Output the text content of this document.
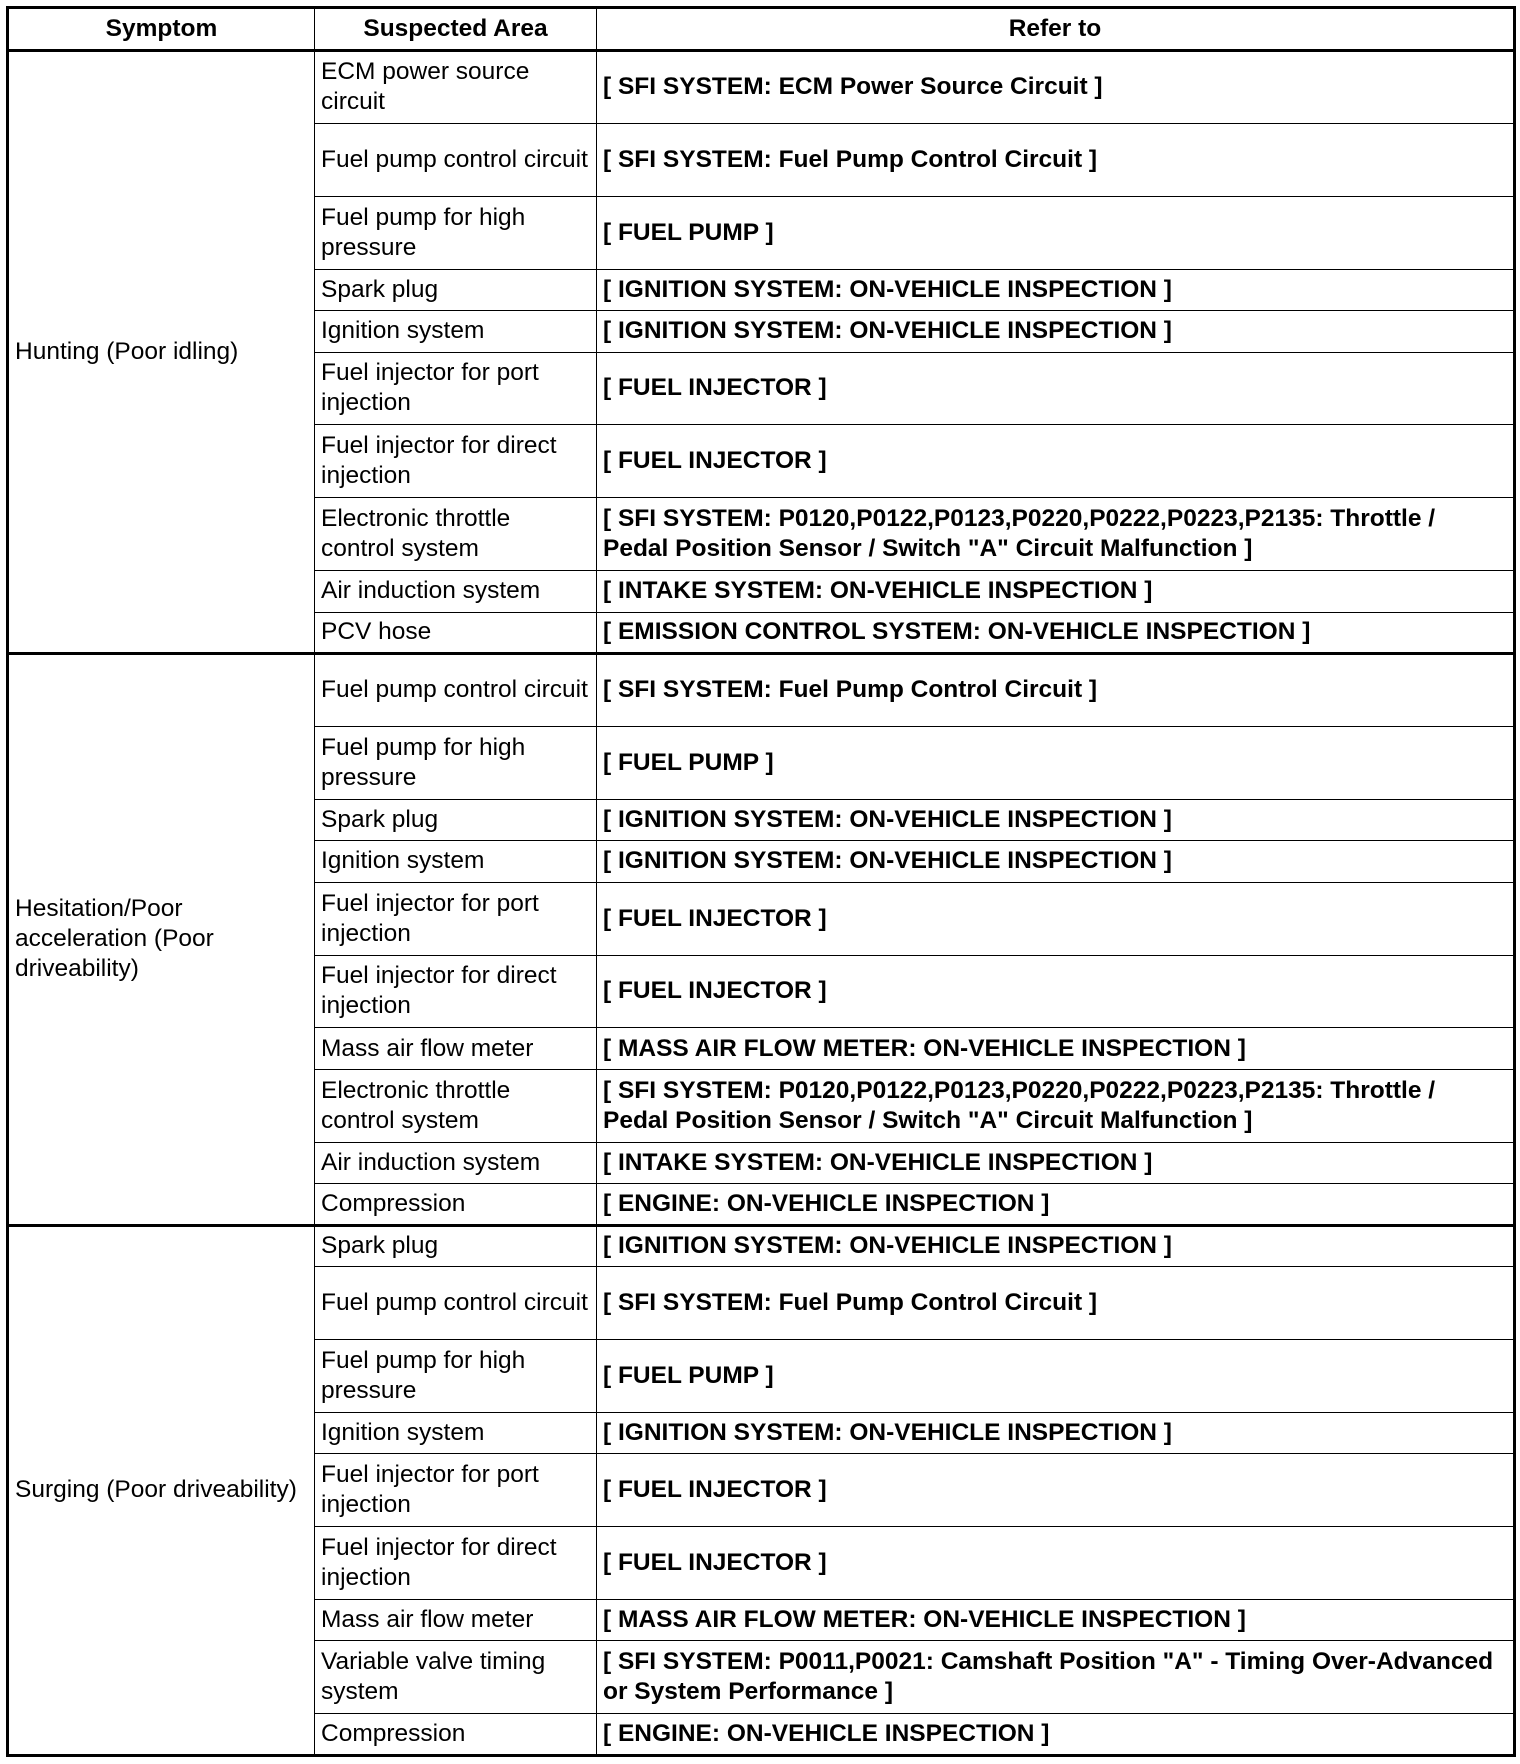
Symptom	Suspected Area	Refer to
Hunting (Poor idling)	ECM power source circuit	[ SFI SYSTEM: ECM Power Source Circuit ]
	Fuel pump control circuit	[ SFI SYSTEM: Fuel Pump Control Circuit ]
	Fuel pump for high pressure	[ FUEL PUMP ]
	Spark plug	[ IGNITION SYSTEM: ON-VEHICLE INSPECTION ]
	Ignition system	[ IGNITION SYSTEM: ON-VEHICLE INSPECTION ]
	Fuel injector for port injection	[ FUEL INJECTOR ]
	Fuel injector for direct injection	[ FUEL INJECTOR ]
	Electronic throttle control system	[ SFI SYSTEM: P0120,P0122,P0123,P0220,P0222,P0223,P2135: Throttle / Pedal Position Sensor / Switch "A" Circuit Malfunction ]
	Air induction system	[ INTAKE SYSTEM: ON-VEHICLE INSPECTION ]
	PCV hose	[ EMISSION CONTROL SYSTEM: ON-VEHICLE INSPECTION ]
Hesitation/Poor acceleration (Poor driveability)	Fuel pump control circuit	[ SFI SYSTEM: Fuel Pump Control Circuit ]
	Fuel pump for high pressure	[ FUEL PUMP ]
	Spark plug	[ IGNITION SYSTEM: ON-VEHICLE INSPECTION ]
	Ignition system	[ IGNITION SYSTEM: ON-VEHICLE INSPECTION ]
	Fuel injector for port injection	[ FUEL INJECTOR ]
	Fuel injector for direct injection	[ FUEL INJECTOR ]
	Mass air flow meter	[ MASS AIR FLOW METER: ON-VEHICLE INSPECTION ]
	Electronic throttle control system	[ SFI SYSTEM: P0120,P0122,P0123,P0220,P0222,P0223,P2135: Throttle / Pedal Position Sensor / Switch "A" Circuit Malfunction ]
	Air induction system	[ INTAKE SYSTEM: ON-VEHICLE INSPECTION ]
	Compression	[ ENGINE: ON-VEHICLE INSPECTION ]
Surging (Poor driveability)	Spark plug	[ IGNITION SYSTEM: ON-VEHICLE INSPECTION ]
	Fuel pump control circuit	[ SFI SYSTEM: Fuel Pump Control Circuit ]
	Fuel pump for high pressure	[ FUEL PUMP ]
	Ignition system	[ IGNITION SYSTEM: ON-VEHICLE INSPECTION ]
	Fuel injector for port injection	[ FUEL INJECTOR ]
	Fuel injector for direct injection	[ FUEL INJECTOR ]
	Mass air flow meter	[ MASS AIR FLOW METER: ON-VEHICLE INSPECTION ]
	Variable valve timing system	[ SFI SYSTEM: P0011,P0021: Camshaft Position "A" - Timing Over-Advanced or System Performance ]
	Compression	[ ENGINE: ON-VEHICLE INSPECTION ]
